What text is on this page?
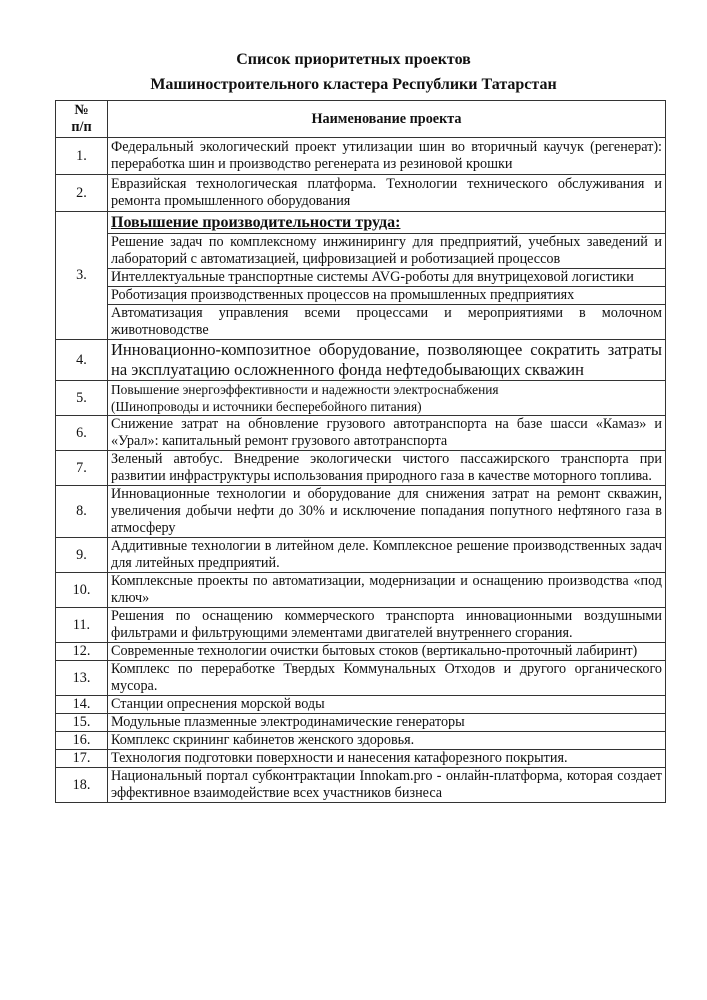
Список приоритетных проектов
Машиностроительного кластера Республики Татарстан
№
п/п	Наименование проекта
1.	Федеральный экологический проект утилизации шин во вторичный каучук (регенерат): переработка шин и производство регенерата из резиновой крошки
2.	Евразийская технологическая платформа. Технологии технического обслуживания и ремонта промышленного оборудования
3.	Повышение производительности труда:
	Решение задач по комплексному инжинирингу для предприятий, учебных заведений и лабораторий с автоматизацией, цифровизацией и роботизацией процессов
	Интеллектуальные транспортные системы AVG-роботы для внутрицеховой логистики
	Роботизация производственных процессов на промышленных предприятиях
	Автоматизация управления всеми процессами и мероприятиями в молочном животноводстве
4.	Инновационно-композитное оборудование, позволяющее сократить затраты на эксплуатацию осложненного фонда нефтедобывающих скважин
5.	Повышение энергоэффективности и надежности электроснабжения
(Шинопроводы и источники бесперебойного питания)
6.	Снижение затрат на обновление грузового автотранспорта на базе шасси «Камаз» и «Урал»: капитальный ремонт грузового автотранспорта
7.	Зеленый автобус. Внедрение экологически чистого пассажирского транспорта при развитии инфраструктуры использования природного газа в качестве моторного топлива.
8.	Инновационные технологии и оборудование для снижения затрат на ремонт скважин, увеличения добычи нефти до 30% и исключение попадания попутного нефтяного газа в атмосферу
9.	Аддитивные технологии в литейном деле. Комплексное решение производственных задач для литейных предприятий.
10.	Комплексные проекты по автоматизации, модернизации и оснащению производства «под ключ»
11.	Решения по оснащению коммерческого транспорта инновационными воздушными фильтрами и фильтрующими элементами двигателей внутреннего сгорания.
12.	Современные технологии очистки бытовых стоков (вертикально-проточный лабиринт)
13.	Комплекс по переработке Твердых Коммунальных Отходов и другого органического мусора.
14.	Станции опреснения морской воды
15.	Модульные плазменные электродинамические генераторы
16.	Комплекс скрининг кабинетов женского здоровья.
17.	Технология подготовки поверхности и нанесения катафорезного покрытия.
18.	Национальный портал субконтрактации Innokam.pro - онлайн-платформа, которая создает эффективное взаимодействие всех участников бизнеса
